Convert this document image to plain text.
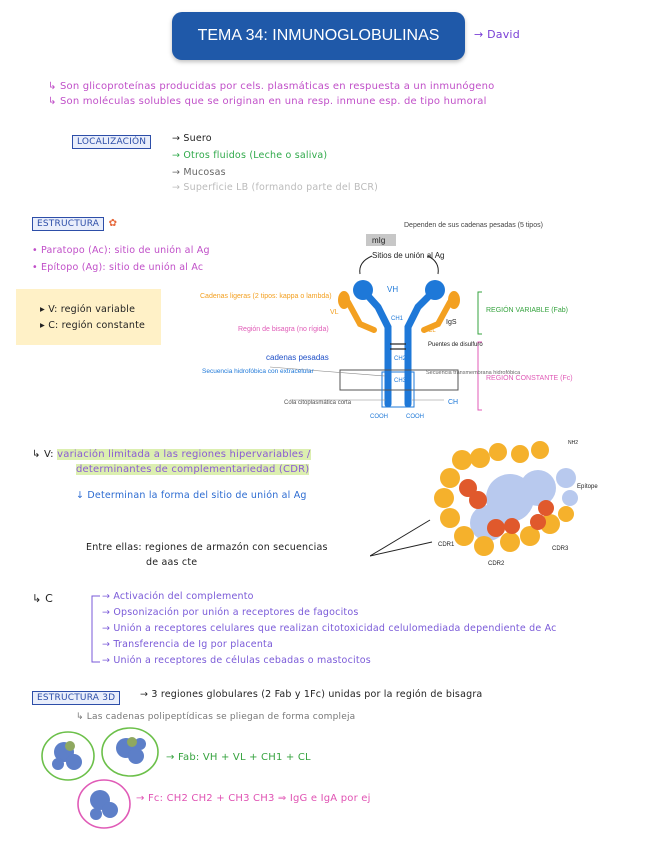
TEMA 34: INMUNOGLOBULINAS	→ David
↳ Son glicoproteínas producidas por cels. plasmáticas en respuesta a un inmunógeno
↳ Son moléculas solubles que se originan en una resp. inmune esp. de tipo humoral
LOCALIZACIÓN	→ Suero
→ Otros fluidos (Leche o saliva)
→ Mucosas
→ Superficie LB (formando parte del BCR)
ESTRUCTURA ✿
• Paratopo (Ac): sitio de unión al Ag
• Epítopo (Ag): sitio de unión al Ac
▸ V: región variable
▸ C: región constante
Dependen de sus cadenas pesadas (5 tipos)
mIg
Sitios de unión al Ag
VH
CH1
CL
VL
IgS
CH2
CH3
CH
COOH	COOH
Cadenas ligeras (2 tipos: kappa o lambda)
Región de bisagra (no rígida)
cadenas pesadas
Secuencia hidrofóbica con extracelular
Cola citoplasmática corta
Puentes de disulfuro
Secuencia transmembrana hidrofóbica
REGIÓN VARIABLE (Fab)
REGIÓN CONSTANTE (Fc)
↳ V: variación limitada a las regiones hipervariables /
determinantes de complementariedad (CDR)
↓ Determinan la forma del sitio de unión al Ag
Entre ellas: regiones de armazón con secuencias
de aas cte
CDR1
CDR2
CDR3
Epítope
NH2
↳ C	→ Activación del complemento
→ Opsonización por unión a receptores de fagocitos
→ Unión a receptores celulares que realizan citotoxicidad celulomediada dependiente de Ac
→ Transferencia de Ig por placenta
→ Unión a receptores de células cebadas o mastocitos
ESTRUCTURA 3D	→ 3 regiones globulares (2 Fab y 1Fc) unidas por la región de bisagra
↳ Las cadenas polipeptídicas se pliegan de forma compleja
→ Fab: VH + VL + CH1 + CL
→ Fc: CH2 CH2 + CH3 CH3 ⇒ IgG e IgA por ej
